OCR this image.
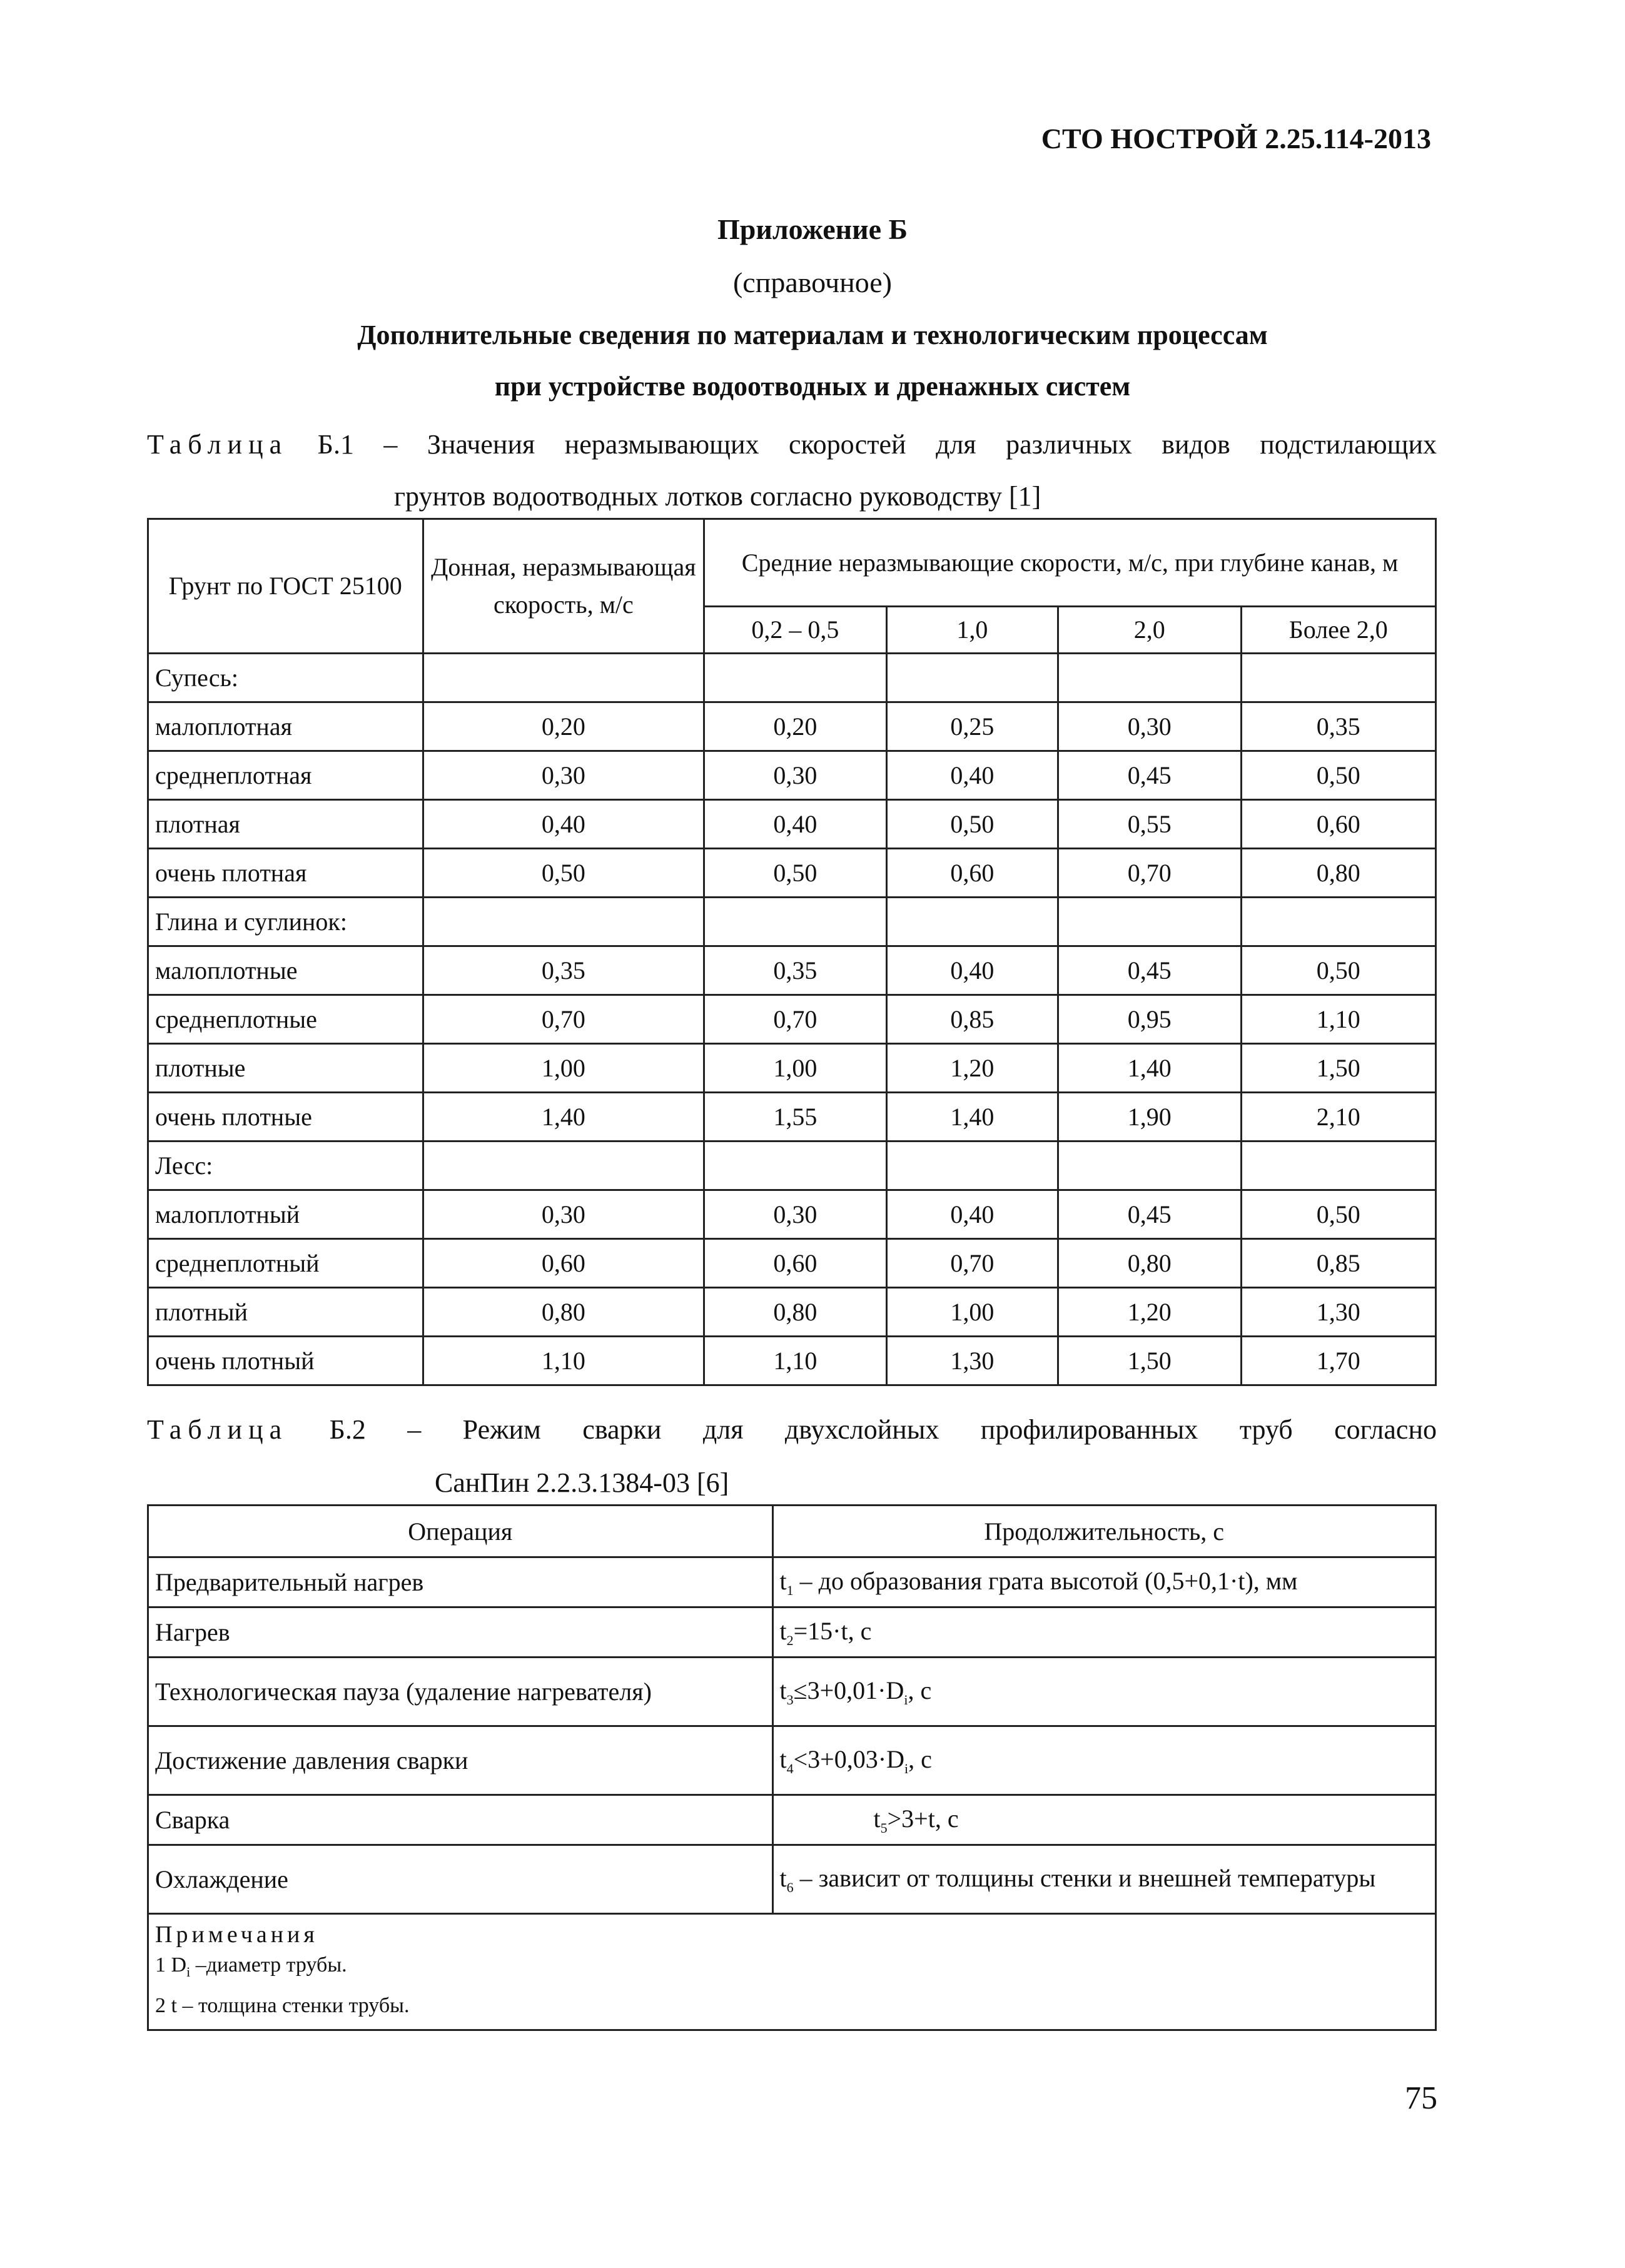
СТО НОСТРОЙ 2.25.114-2013
Приложение Б
(справочное)
Дополнительные сведения по материалам и технологическим процессам
при устройстве водоотводных и дренажных систем
Таблица Б.1 – Значения неразмывающих скоростей для различных видов подстилающих
грунтов водоотводных лотков согласно руководству [1]
Грунт по ГОСТ 25100	Донная, неразмывающая скорость, м/с	Средние неразмывающие скорости, м/с, при глубине канав, м			
		0,2 – 0,5	1,0	2,0	Более 2,0
Супесь:					
малоплотная	0,20	0,20	0,25	0,30	0,35
среднеплотная	0,30	0,30	0,40	0,45	0,50
плотная	0,40	0,40	0,50	0,55	0,60
очень плотная	0,50	0,50	0,60	0,70	0,80
Глина и суглинок:					
малоплотные	0,35	0,35	0,40	0,45	0,50
среднеплотные	0,70	0,70	0,85	0,95	1,10
плотные	1,00	1,00	1,20	1,40	1,50
очень плотные	1,40	1,55	1,40	1,90	2,10
Лесс:					
малоплотный	0,30	0,30	0,40	0,45	0,50
среднеплотный	0,60	0,60	0,70	0,80	0,85
плотный	0,80	0,80	1,00	1,20	1,30
очень плотный	1,10	1,10	1,30	1,50	1,70
Таблица Б.2 – Режим сварки для двухслойных профилированных труб согласно
СанПин 2.2.3.1384-03 [6]
Операция	Продолжительность, с
Предварительный нагрев	$t_1$ – до образования грата высотой (0,5+0,1·t), мм
Нагрев	$t_2=15\cdot t$, с
Технологическая пауза (удаление нагревателя)	$t_3\le 3+0,01\cdot D_i$, с
Достижение давления сварки	$t_4<3+0,03\cdot D_i$, с
Сварка	$t_5>3+t$, с
Охлаждение	$t_6$ – зависит от толщины стенки и внешней температуры

Примечания
1 $D_i$ –диаметр трубы.
2 t – толщина стенки трубы.	
75
